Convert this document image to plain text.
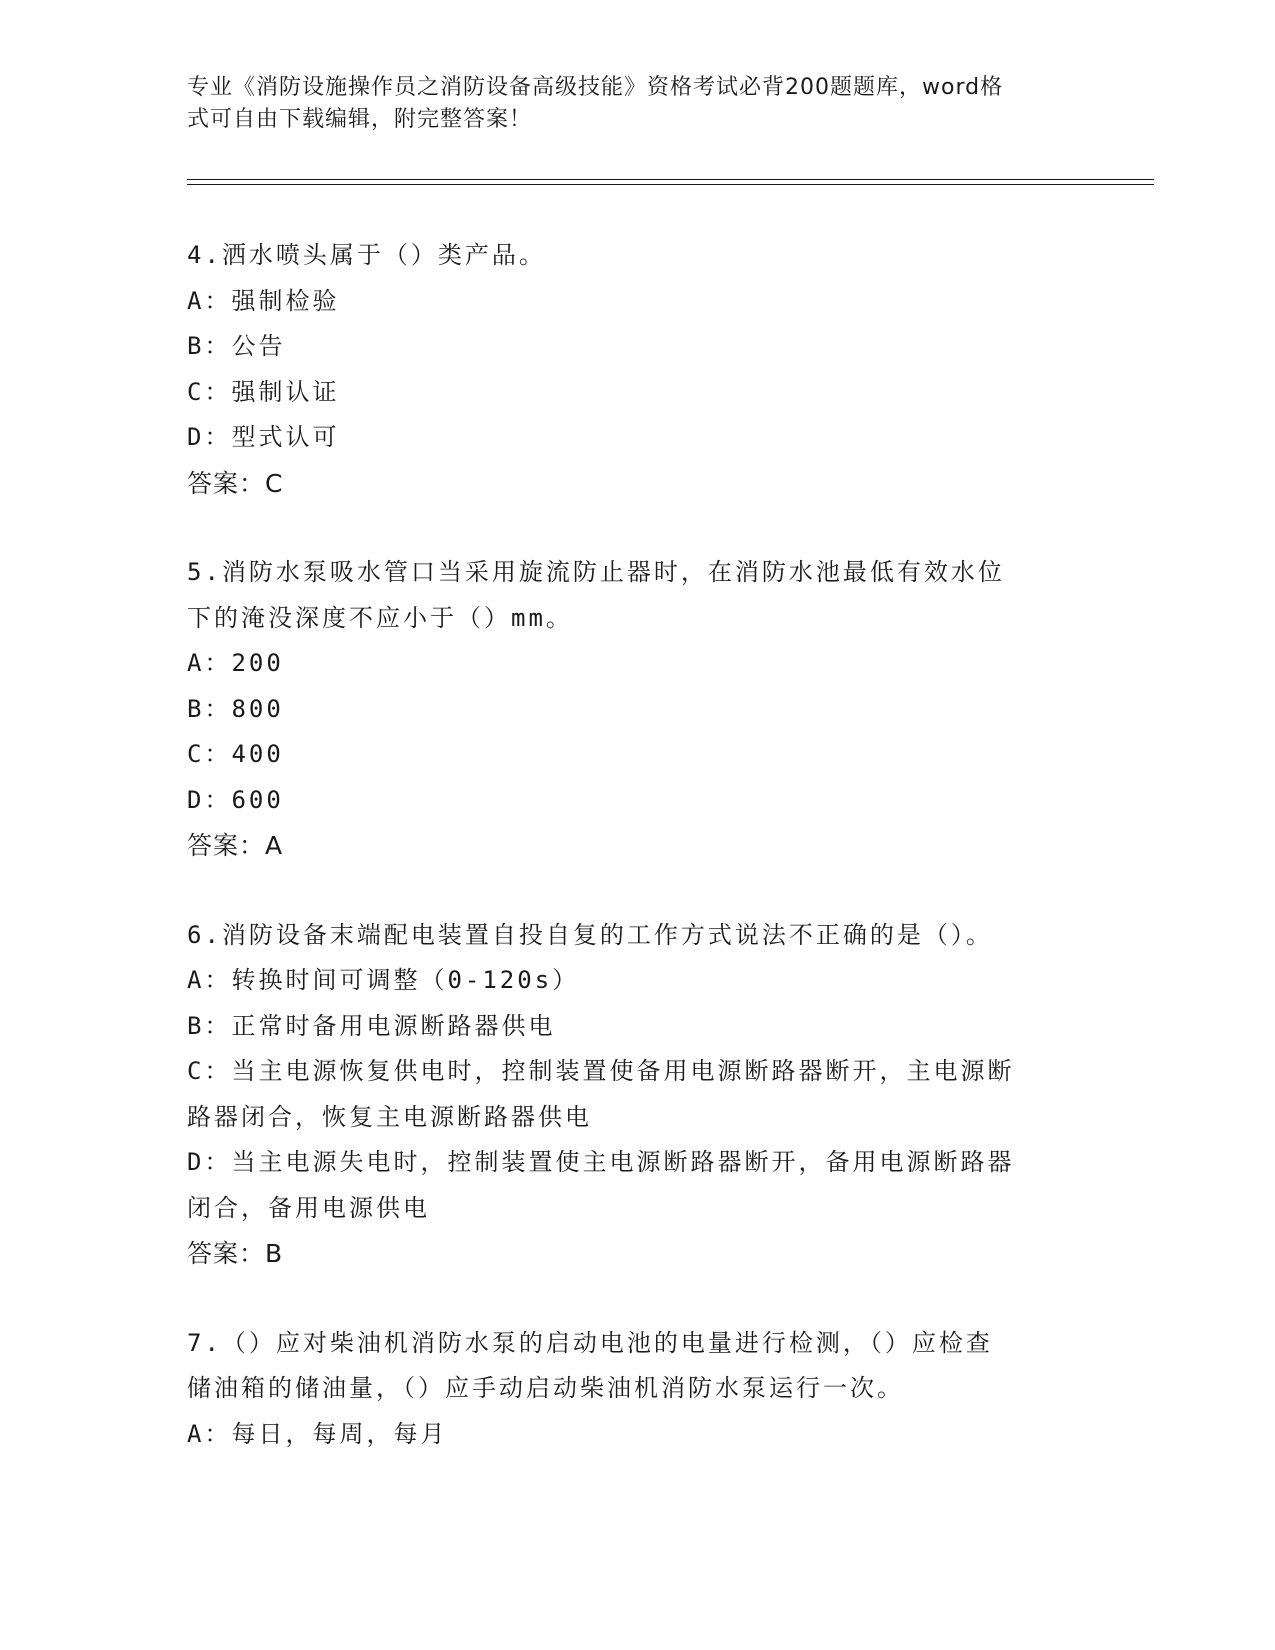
专业《消防设施操作员之消防设备高级技能》资格考试必背200题题库，word格
式可自由下载编辑，附完整答案！
4.洒水喷头属于（）类产品。
A：强制检验
B：公告
C：强制认证
D：型式认可
答案：C
5.消防水泵吸水管口当采用旋流防止器时，在消防水池最低有效水位
下的淹没深度不应小于（）mm。
A：200
B：800
C：400
D：600
答案：A
6.消防设备末端配电装置自投自复的工作方式说法不正确的是（）。
A：转换时间可调整（0-120s）
B：正常时备用电源断路器供电
C：当主电源恢复供电时，控制装置使备用电源断路器断开，主电源断
路器闭合，恢复主电源断路器供电
D：当主电源失电时，控制装置使主电源断路器断开，备用电源断路器
闭合，备用电源供电
答案：B
7.（）应对柴油机消防水泵的启动电池的电量进行检测，（）应检查
储油箱的储油量，（）应手动启动柴油机消防水泵运行一次。
A：每日，每周，每月
